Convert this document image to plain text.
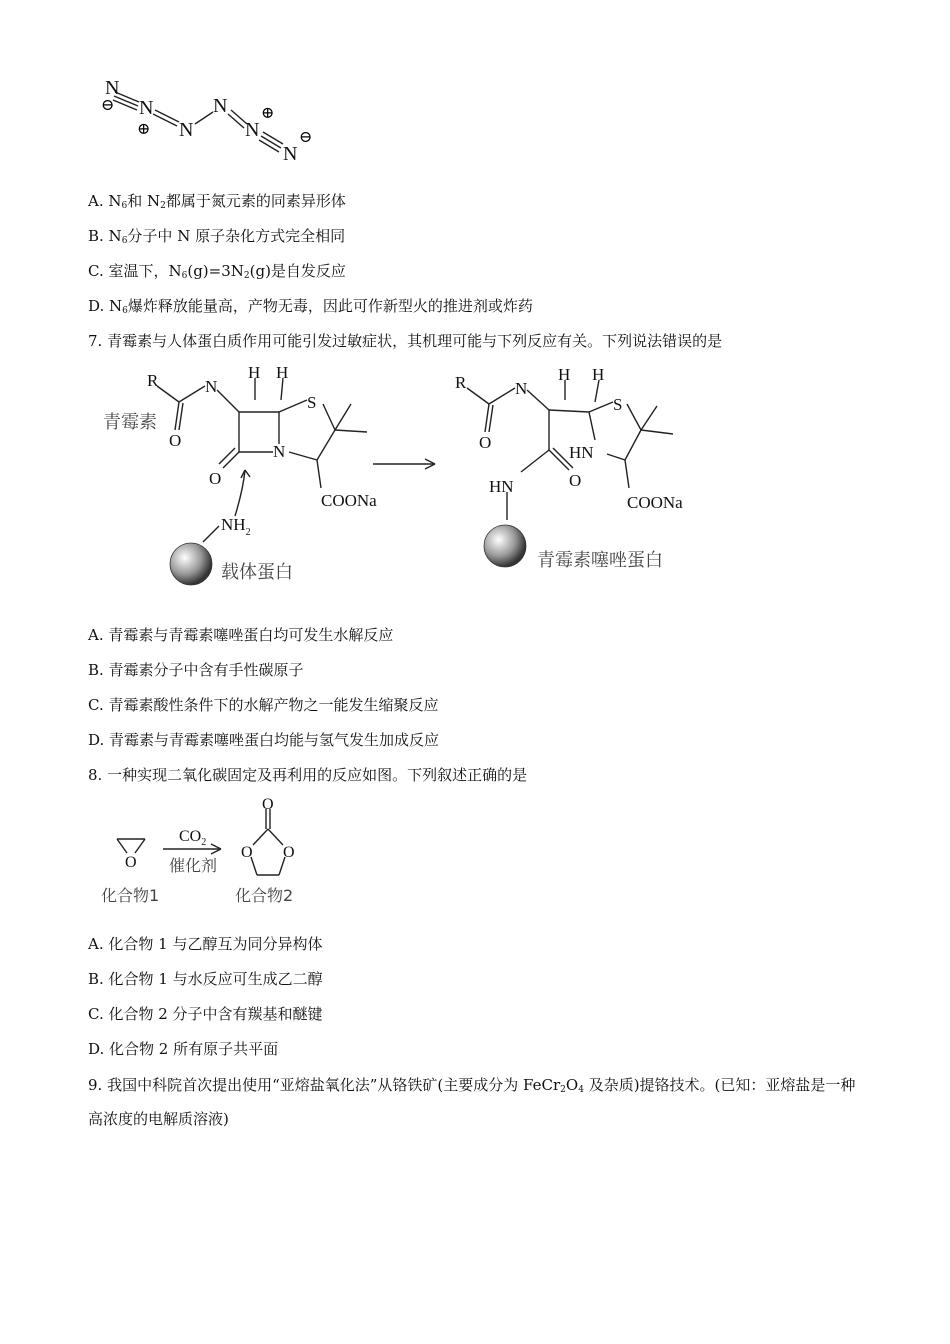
N
N
N
N
N
N
⊖
⊕
⊕
⊖
A. $N_6$和 $N_2$都属于氮元素的同素异形体
B. $N_6$分子中 N 原子杂化方式完全相同
C. 室温下，$N_6(g)=3N_2(g)$是自发反应
D. $N_6$爆炸释放能量高，产物无毒，因此可作新型火的推进剂或炸药
7. 青霉素与人体蛋白质作用可能引发过敏症状，其机理可能与下列反应有关。下列说法错误的是
R	N
H H
S
O
O
N
COONa
$NH_2$
青霉素
载体蛋白
R	N
H H
S
O
HN
O
HN
COONa
青霉素噻唑蛋白
A. 青霉素与青霉素噻唑蛋白均可发生水解反应
B. 青霉素分子中含有手性碳原子
C. 青霉素酸性条件下的水解产物之一能发生缩聚反应
D. 青霉素与青霉素噻唑蛋白均能与氢气发生加成反应
8. 一种实现二氧化碳固定及再利用的反应如图。下列叙述正确的是
O
O
O O
$CO_2$
催化剂
化合物1	化合物2
A. 化合物 1 与乙醇互为同分异构体
B. 化合物 1 与水反应可生成乙二醇
C. 化合物 2 分子中含有羰基和醚键
D. 化合物 2 所有原子共平面
9. 我国中科院首次提出使用“亚熔盐氧化法”从铬铁矿(主要成分为 $FeCr_2O_4$ 及杂质)提铬技术。(已知：亚熔盐是一种高浓度的电解质溶液)
